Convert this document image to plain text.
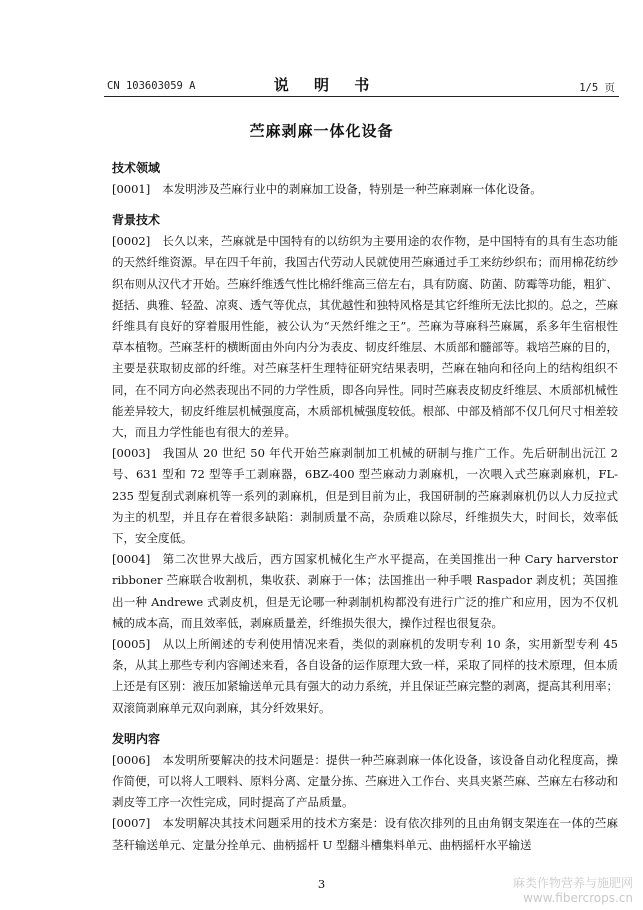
CN 103603059 A	说 明 书	1/5 页
苎麻剥麻一体化设备
技术领域
[0001] 本发明涉及苎麻行业中的剥麻加工设备，特别是一种苎麻剥麻一体化设备。
背景技术
[0002] 长久以来，苎麻就是中国特有的以纺织为主要用途的农作物，是中国特有的具有生态功能的天然纤维资源。早在四千年前，我国古代劳动人民就使用苎麻通过手工来纺纱织布；而用棉花纺纱织布则从汉代才开始。苎麻纤维透气性比棉纤维高三倍左右，具有防腐、防菌、防霉等功能，粗犷、挺括、典雅、轻盈、凉爽、透气等优点，其优越性和独特风格是其它纤维所无法比拟的。总之，苎麻纤维具有良好的穿着服用性能，被公认为“天然纤维之王”。苎麻为荨麻科苎麻属，系多年生宿根性草本植物。苎麻茎杆的横断面由外向内分为表皮、韧皮纤维层、木质部和髓部等。栽培苎麻的目的，主要是获取韧皮部的纤维。对苎麻茎杆生理特征研究结果表明，苎麻在轴向和径向上的结构组织不同，在不同方向必然表现出不同的力学性质，即各向异性。同时苎麻表皮韧皮纤维层、木质部机械性能差异较大，韧皮纤维层机械强度高，木质部机械强度较低。根部、中部及梢部不仅几何尺寸相差较大，而且力学性能也有很大的差异。
[0003] 我国从 20 世纪 50 年代开始苎麻剥制加工机械的研制与推广工作。先后研制出沅江 2 号、631 型和 72 型等手工剥麻器，6BZ-400 型苎麻动力剥麻机，一次喂入式苎麻剥麻机，FL-235 型复刮式剥麻机等一系列的剥麻机，但是到目前为止，我国研制的苎麻剥麻机仍以人力反拉式为主的机型，并且存在着很多缺陷：剥制质量不高，杂质难以除尽，纤维损失大，时间长，效率低下，安全度低。
[0004] 第二次世界大战后，西方国家机械化生产水平提高，在美国推出一种 Cary harverstor ribboner 苎麻联合收割机，集收获、剥麻于一体；法国推出一种手喂 Raspador 剥皮机；英国推出一种 Andrewe 式剥皮机，但是无论哪一种剥制机构都没有进行广泛的推广和应用，因为不仅机械的成本高，而且效率低，剥麻质量差，纤维损失很大，操作过程也很复杂。
[0005] 从以上所阐述的专利使用情况来看，类似的剥麻机的发明专利 10 条，实用新型专利 45 条，从其上那些专利内容阐述来看，各自设备的运作原理大致一样，采取了同样的技术原理，但本质上还是有区别：液压加紧输送单元具有强大的动力系统，并且保证苎麻完整的剥离，提高其利用率；双滚筒剥麻单元双向剥麻，其分纤效果好。
发明内容
[0006] 本发明所要解决的技术问题是：提供一种苎麻剥麻一体化设备，该设备自动化程度高，操作简便，可以将人工喂料、原料分离、定量分拣、苎麻进入工作台、夹具夹紧苎麻、苎麻左右移动和剥皮等工序一次性完成，同时提高了产品质量。
[0007] 本发明解决其技术问题采用的技术方案是：设有依次排列的且由角钢支架连在一体的苎麻茎秆输送单元、定量分拴单元、曲柄摇杆 U 型翻斗槽集料单元、曲柄摇杆水平输送
3	麻类作物营养与施肥网
www.fibercrops.cn
